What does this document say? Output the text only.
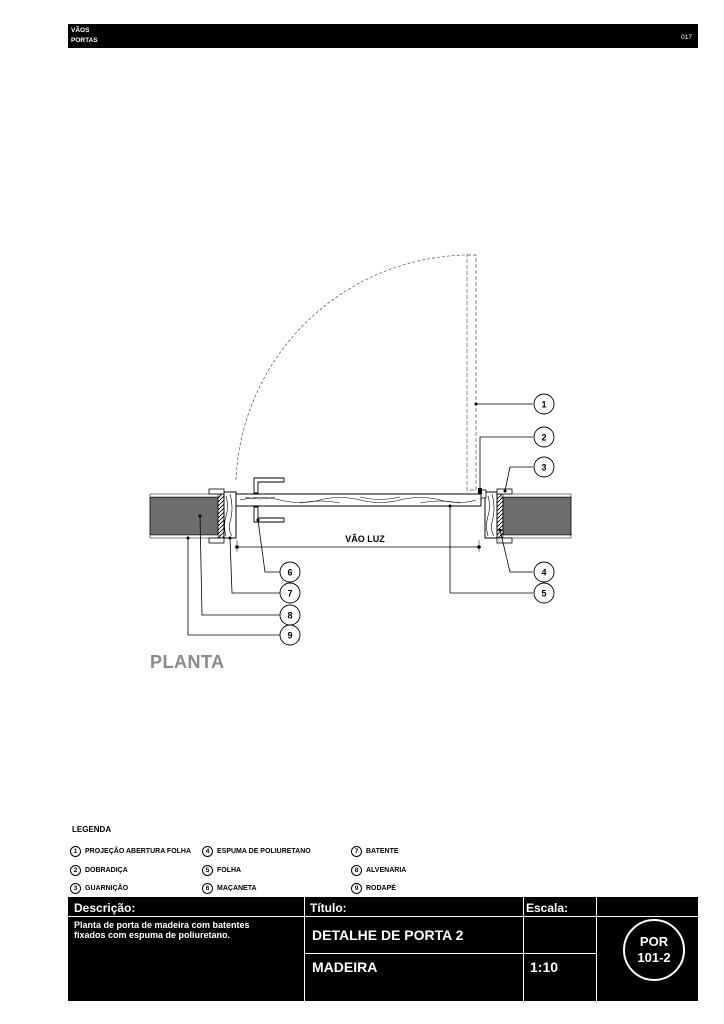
VÃOS
PORTAS	017
VÃO LUZ
1
2
3
4
5
6
7
8
9
PLANTA
LEGENDA
1	PROJEÇÃO ABERTURA FOLHA
2	DOBRADIÇA
3	GUARNIÇÃO
4	ESPUMA DE POLIURETANO
5	FOLHA
6	MAÇANETA
7	BATENTE
8	ALVENARIA
9	RODAPÉ
Descrição:
Planta de porta de madeira com batentes fixados com espuma de poliuretano.
Título:
DETALHE DE PORTA 2
MADEIRA
Escala:
1:10
POR
101-2
